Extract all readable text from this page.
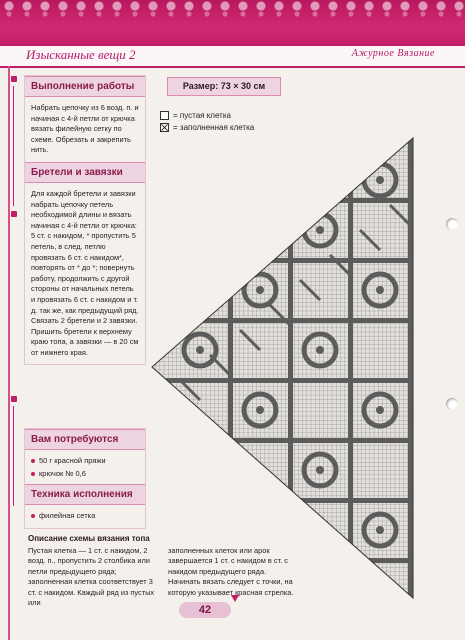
Изысканные вещи 2	Ажурное Вязание
Выполнение работы
Набрать цепочку из 6 возд. п. и начиная с 4-й петли от крючка вязать филейную сетку по схеме. Обрезать и закрепить нить.
Бретели и завязки
Для каждой бретели и завязки набрать цепочку петель необходимой длины и вязать начиная с 4-й петли от крючка: 5 ст. с накидом, * пропустить 5 петель, в след. петлю провязать 6 ст. с накидом*, повторять от * до *; повернуть работу, продолжить с другой стороны от начальных петель и провязать 6 ст. с накидом и т. д. так же, как предыдущий ряд. Связать 2 бретели и 2 завязки. Пришить бретели к верхнему краю топа, а завязки — в 20 см от нижнего края.
Вам потребуются
50 г красной пряжи
крючок № 0,6
Техника исполнения
филейная сетка
Размер: 73 × 30 см
= пустая клетка
= заполненная клетка
Описание схемы вязания топа
Пустая клетка — 1 ст. с накидом, 2 возд. п., пропустить 2 столбика или петли предыдущего ряда; заполненная клетка соответствует 3 ст. с накидом. Каждый ряд из пустых или
заполненных клеток или арок завершается 1 ст. с накидом в ст. с накидом предыдущего ряда. Начинать вязать следует с точки, на которую указывает красная стрелка.
42
